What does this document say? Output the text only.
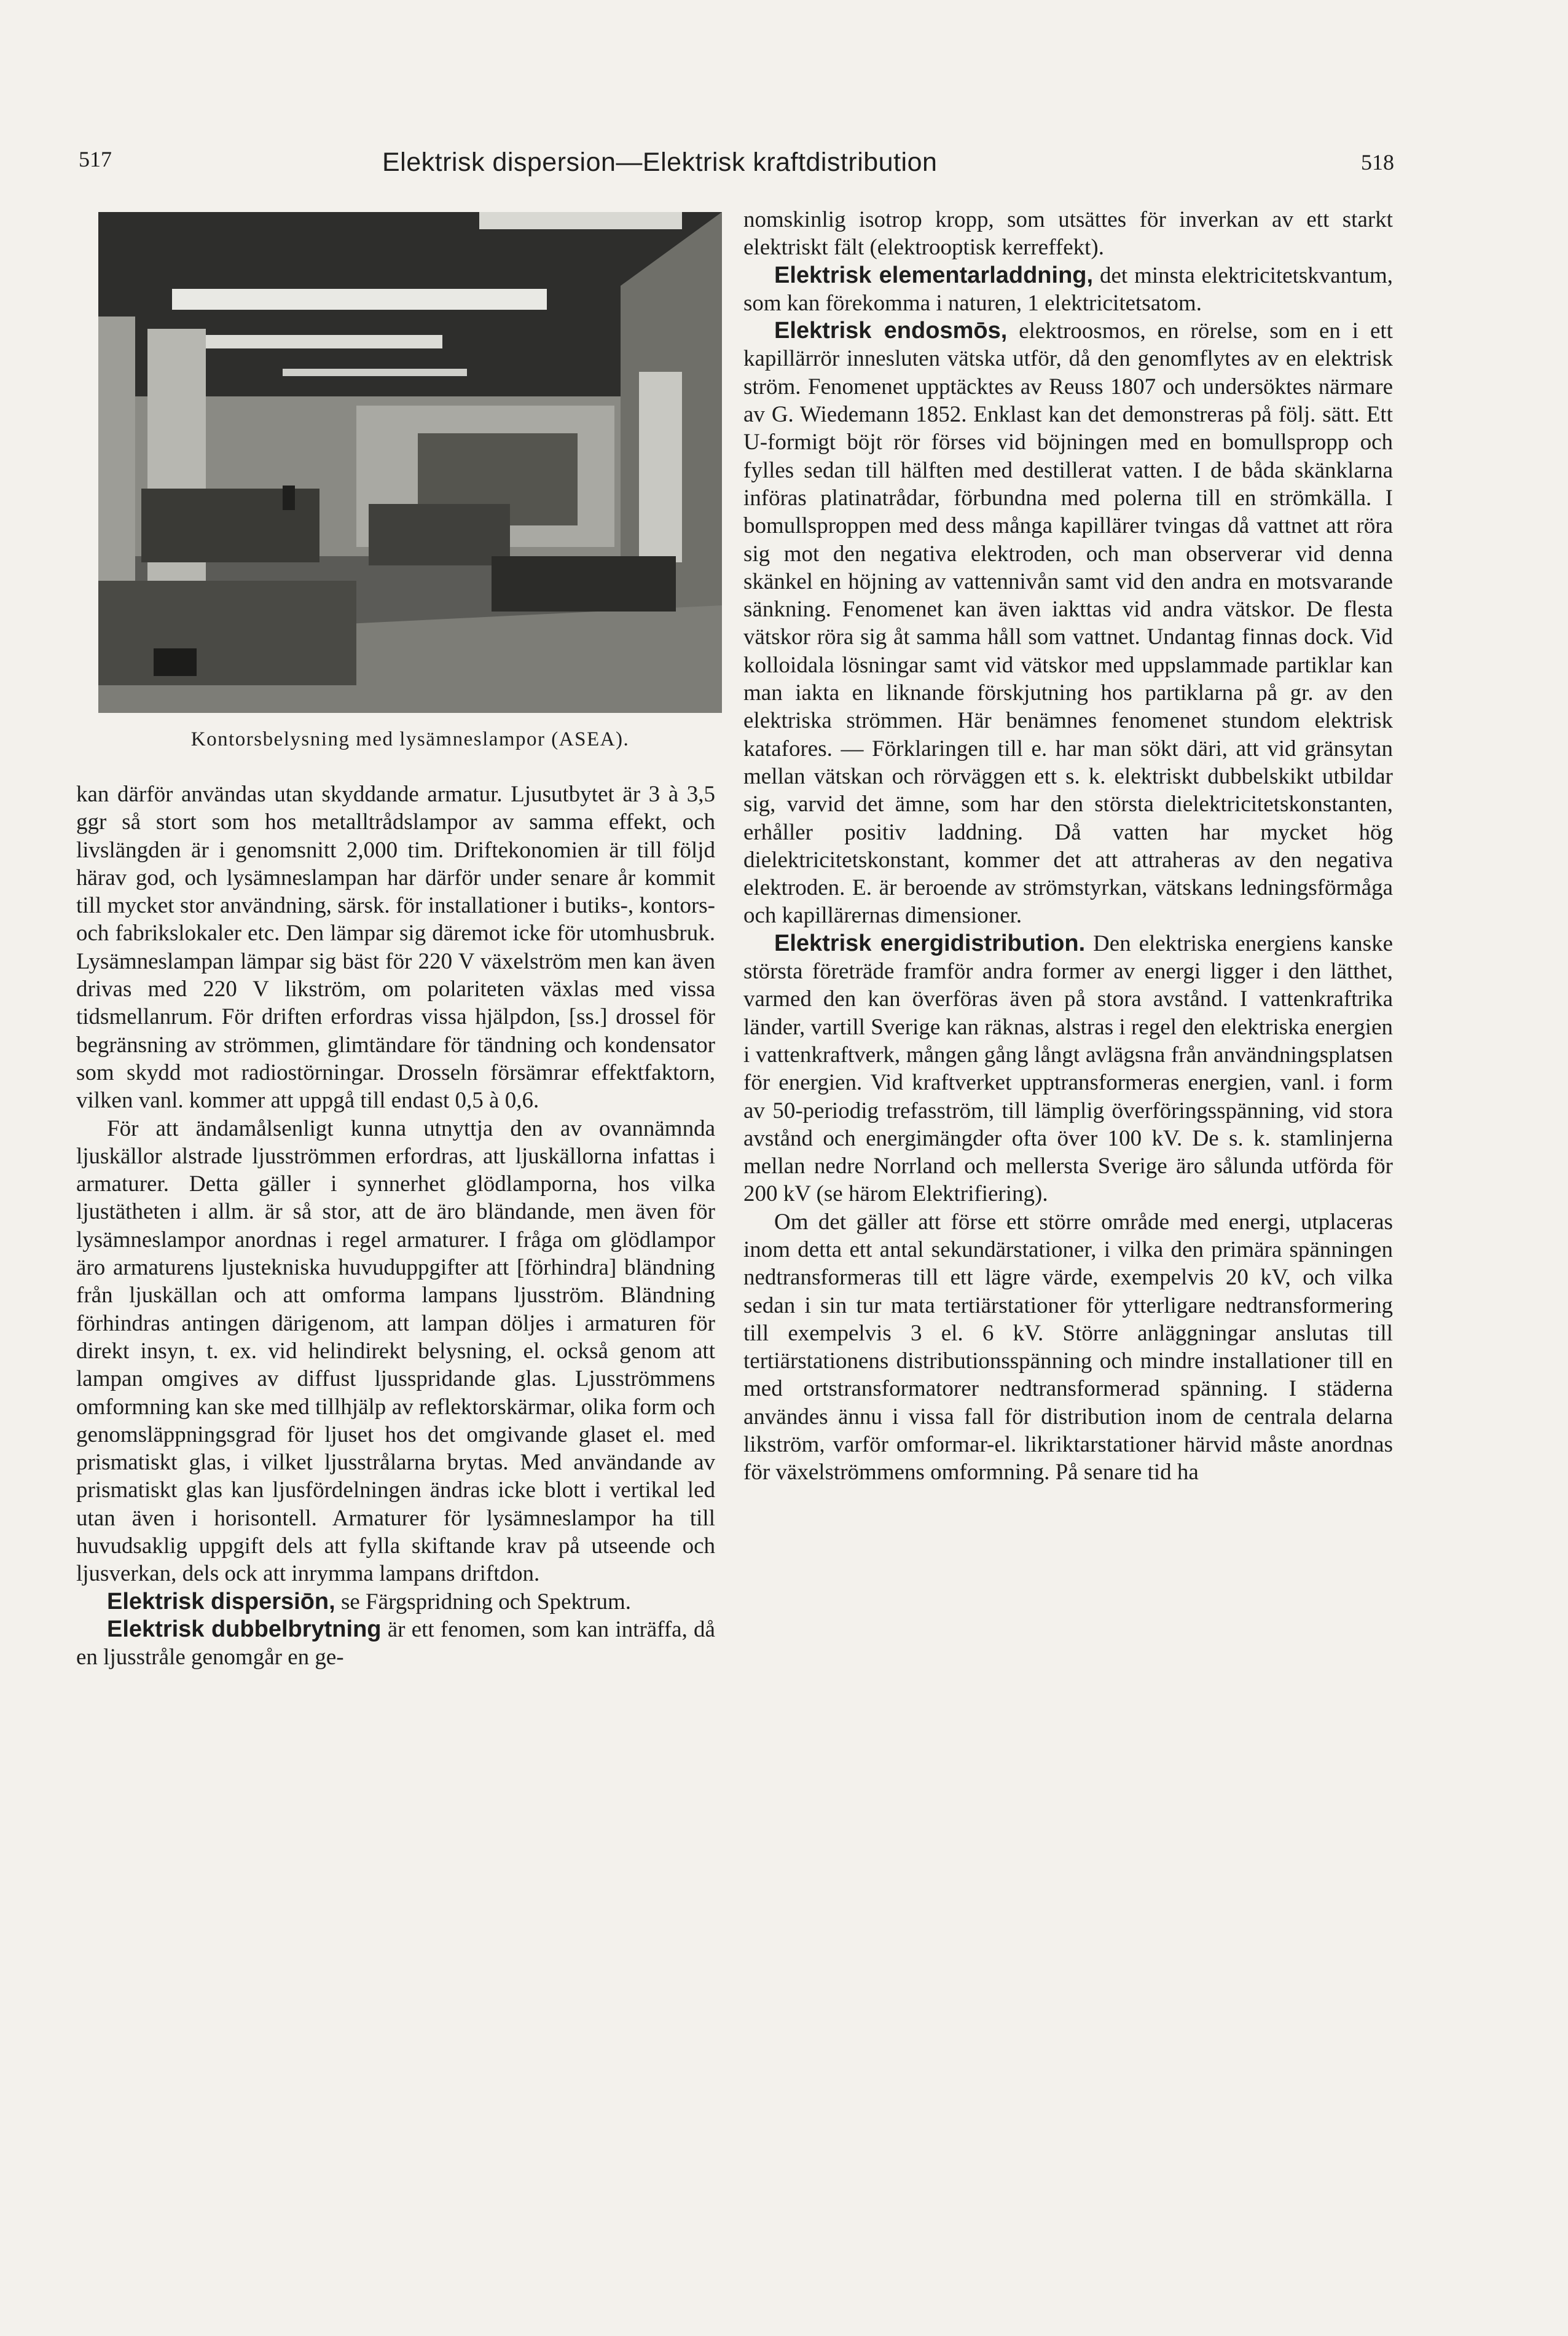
517	Elektrisk dispersion—Elektrisk kraftdistribution	518
Kontorsbelysning med lysämneslampor (ASEA).

kan därför användas utan skyddande armatur. Ljusutbytet är 3 à 3,5 ggr så stort som hos metalltrådslampor av samma effekt, och livslängden är i genomsnitt 2,000 tim. Driftekonomien är till följd härav god, och lysämneslampan har därför under senare år kommit till mycket stor användning, särsk. för installationer i butiks-, kontors- och fabrikslokaler etc. Den lämpar sig däremot icke för utomhusbruk. Lysämneslampan lämpar sig bäst för 220 V växelström men kan även drivas med 220 V likström, om polariteten växlas med vissa tidsmellanrum. För driften erfordras vissa hjälpdon, [ss.] drossel för begränsning av strömmen, glimtändare för tändning och kondensator som skydd mot radiostörningar. Drosseln försämrar effektfaktorn, vilken vanl. kommer att uppgå till endast 0,5 à 0,6.

För att ändamålsenligt kunna utnyttja den av ovannämnda ljuskällor alstrade ljusströmmen erfordras, att ljuskällorna infattas i armaturer. Detta gäller i synnerhet glödlamporna, hos vilka ljustätheten i allm. är så stor, att de äro bländande, men även för lysämneslampor anordnas i regel armaturer. I fråga om glödlampor äro armaturens ljustekniska huvuduppgifter att [förhindra] bländning från ljuskällan och att omforma lampans ljusström. Bländning förhindras antingen därigenom, att lampan döljes i armaturen för direkt insyn, t. ex. vid helindirekt belysning, el. också genom att lampan omgives av diffust ljusspridande glas. Ljusströmmens omformning kan ske med tillhjälp av reflektorskärmar, olika form och genomsläppningsgrad för ljuset hos det omgivande glaset el. med prismatiskt glas, i vilket ljusstrålarna brytas. Med användande av prismatiskt glas kan ljusfördelningen ändras icke blott i vertikal led utan även i horisontell. Armaturer för lysämneslampor ha till huvudsaklig uppgift dels att fylla skiftande krav på utseende och ljusverkan, dels ock att inrymma lampans driftdon.

Elektrisk dispersiōn, se Färgspridning och Spektrum.

Elektrisk dubbelbrytning är ett fenomen, som kan inträffa, då en ljusstråle genomgår en ge-

nomskinlig isotrop kropp, som utsättes för inverkan av ett starkt elektriskt fält (elektrooptisk kerreffekt).

Elektrisk elementarladdning, det minsta elektricitetskvantum, som kan förekomma i naturen, 1 elektricitetsatom.

Elektrisk endosmōs, elektroosmos, en rörelse, som en i ett kapillärrör innesluten vätska utför, då den genomflytes av en elektrisk ström. Fenomenet upptäcktes av Reuss 1807 och undersöktes närmare av G. Wiedemann 1852. Enklast kan det demonstreras på följ. sätt. Ett U-formigt böjt rör förses vid böjningen med en bomullspropp och fylles sedan till hälften med destillerat vatten. I de båda skänklarna införas platinatrådar, förbundna med polerna till en strömkälla. I bomullsproppen med dess många kapillärer tvingas då vattnet att röra sig mot den negativa elektroden, och man observerar vid denna skänkel en höjning av vattennivån samt vid den andra en motsvarande sänkning. Fenomenet kan även iakttas vid andra vätskor. De flesta vätskor röra sig åt samma håll som vattnet. Undantag finnas dock. Vid kolloidala lösningar samt vid vätskor med uppslammade partiklar kan man iakta en liknande förskjutning hos partiklarna på gr. av den elektriska strömmen. Här benämnes fenomenet stundom elektrisk katafores. — Förklaringen till e. har man sökt däri, att vid gränsytan mellan vätskan och rörväggen ett s. k. elektriskt dubbelskikt utbildar sig, varvid det ämne, som har den största dielektricitetskonstanten, erhåller positiv laddning. Då vatten har mycket hög dielektricitetskonstant, kommer det att attraheras av den negativa elektroden. E. är beroende av strömstyrkan, vätskans ledningsförmåga och kapillärernas dimensioner.

Elektrisk energidistribution. Den elektriska energiens kanske största företräde framför andra former av energi ligger i den lätthet, varmed den kan överföras även på stora avstånd. I vattenkraftrika länder, vartill Sverige kan räknas, alstras i regel den elektriska energien i vattenkraftverk, mången gång långt avlägsna från användningsplatsen för energien. Vid kraftverket upptransformeras energien, vanl. i form av 50-periodig trefasström, till lämplig överföringsspänning, vid stora avstånd och energimängder ofta över 100 kV. De s. k. stamlinjerna mellan nedre Norrland och mellersta Sverige äro sålunda utförda för 200 kV (se härom Elektrifiering).

Om det gäller att förse ett större område med energi, utplaceras inom detta ett antal sekundärstationer, i vilka den primära spänningen nedtransformeras till ett lägre värde, exempelvis 20 kV, och vilka sedan i sin tur mata tertiärstationer för ytterligare nedtransformering till exempelvis 3 el. 6 kV. Större anläggningar anslutas till tertiärstationens distributionsspänning och mindre installationer till en med ortstransformatorer nedtransformerad spänning. I städerna användes ännu i vissa fall för distribution inom de centrala delarna likström, varför omformar-el. likriktarstationer härvid måste anordnas för växelströmmens omformning. På senare tid ha
